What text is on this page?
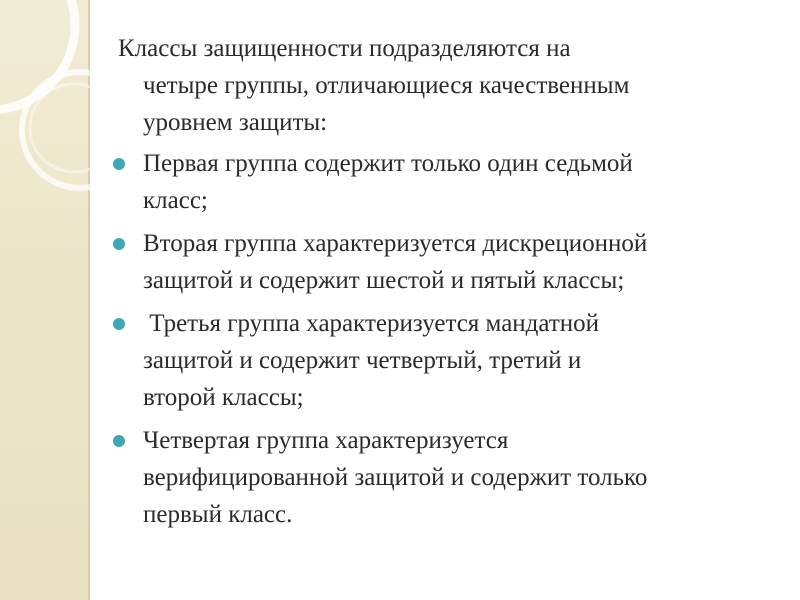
Классы защищенности подразделяются на
четыре группы, отличающиеся качественным
уровнем защиты:

Первая группа содержит только один седьмой
класс;
Вторая группа характеризуется дискреционной
защитой и содержит шестой и пятый классы;
Третья группа характеризуется мандатной
защитой и содержит четвертый, третий и
второй классы;
Четвертая группа характеризуется
верифицированной защитой и содержит только
первый класс.
